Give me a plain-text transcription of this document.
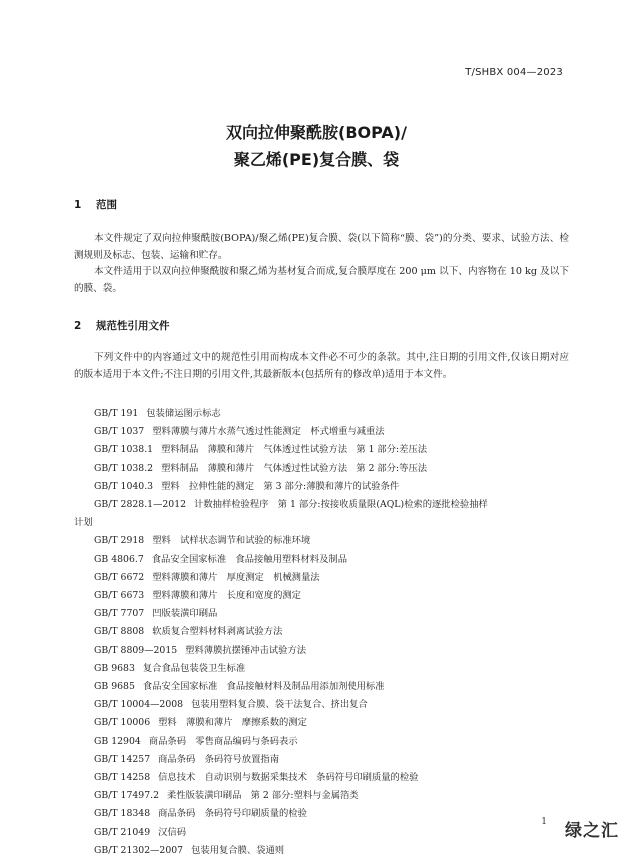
T/SHBX 004—2023
双向拉伸聚酰胺(BOPA)/
聚乙烯(PE)复合膜、袋
1 范围
本文件规定了双向拉伸聚酰胺(BOPA)/聚乙烯(PE)复合膜、袋(以下简称“膜、袋”)的分类、要求、试验方法、检测规则及标志、包装、运输和贮存。
本文件适用于以双向拉伸聚酰胺和聚乙烯为基材复合而成,复合膜厚度在 200 μm 以下、内容物在 10 kg 及以下的膜、袋。
2 规范性引用文件
下列文件中的内容通过文中的规范性引用而构成本文件必不可少的条款。其中,注日期的引用文件,仅该日期对应的版本适用于本文件;不注日期的引用文件,其最新版本(包括所有的修改单)适用于本文件。
GB/T 191 包装储运图示标志
GB/T 1037 塑料薄膜与薄片水蒸气透过性能测定　杯式增重与减重法
GB/T 1038.1 塑料制品　薄膜和薄片　气体透过性试验方法　第 1 部分:差压法
GB/T 1038.2 塑料制品　薄膜和薄片　气体透过性试验方法　第 2 部分:等压法
GB/T 1040.3 塑料　拉伸性能的测定　第 3 部分:薄膜和薄片的试验条件
GB/T 2828.1—2012 计数抽样检验程序　第 1 部分:按接收质量限(AQL)检索的逐批检验抽样
计划
GB/T 2918 塑料　试样状态调节和试验的标准环境
GB 4806.7 食品安全国家标准　食品接触用塑料材料及制品
GB/T 6672 塑料薄膜和薄片　厚度测定　机械测量法
GB/T 6673 塑料薄膜和薄片　长度和宽度的测定
GB/T 7707 凹版装潢印刷品
GB/T 8808 软质复合塑料材料剥离试验方法
GB/T 8809—2015 塑料薄膜抗摆锤冲击试验方法
GB 9683 复合食品包装袋卫生标准
GB 9685 食品安全国家标准　食品接触材料及制品用添加剂使用标准
GB/T 10004—2008 包装用塑料复合膜、袋干法复合、挤出复合
GB/T 10006 塑料　薄膜和薄片　摩擦系数的测定
GB 12904 商品条码　零售商品编码与条码表示
GB/T 14257 商品条码　条码符号放置指南
GB/T 14258 信息技术　自动识别与数据采集技术　条码符号印刷质量的检验
GB/T 17497.2 柔性版装潢印刷品　第 2 部分:塑料与金属箔类
GB/T 18348 商品条码　条码符号印刷质量的检验
GB/T 21049 汉信码
GB/T 21302—2007 包装用复合膜、袋通则
1 绿之汇
